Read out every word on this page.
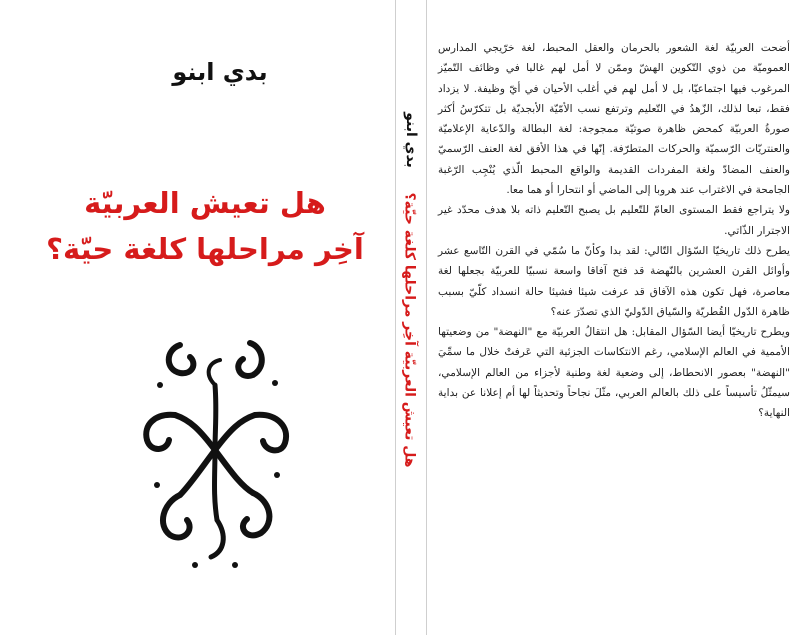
بدي ابنو
هل تعيش العربيّة
آخِر مراحلها كلغة حيّة؟
بدي ابنو
هل تعيش العربيّة آخِر مراحلها كلغة حيّة؟

أضحت العربيّة لغة الشعور بالحرمان والعقل المحبط، لغة خرّيجي المدارس العموميّة من ذوي التّكوين الهشّ وممّن لا أمل لهم غالبا في وظائف التّميّز المرغوب فيها اجتماعيّا، بل لا أمل لهم في أغلب الأحيان في أيّ وظيفة. لا يزداد فقط، تبعا لذلك، الزّهدُ في التّعليم وترتفع نسب الأمّيّة الأبجديّة بل تتكرّسُ أكثر صورةُ العربيّة كمحض ظاهرة صوتيّة ممجوجة: لغة البطالة والدّعاية الإعلاميّة والعنتريّات الرّسميّة والحركات المتطرّفة. إنّها في هذا الأفق لغة العنف الرّسميّ والعنف المضادّ ولغة المفردات القديمة والواقع المحبط الّذي يُنْجِب الرّغبة الجامحة في الاغتراب عند هروبا إلى الماضي أو انتحارا أو هما معا.

ولا يتراجع فقط المستوى العامّ للتّعليم بل يصبح التّعليم ذاته بلا هدف محدّد غير الاجترار الذّاتي.

يطرح ذلك تاريخيّا السّؤال التّالي: لقد بدا وكأنّ ما سُمّي في القرن التّاسع عشر وأوائل القرن العشرين بالنّهضة قد فتح آفاقا واسعة نسبيّا للعربيّة بجعلها لغة معاصرة، فهل تكون هذه الآفاق قد عرفت شيئا فشيئا حالة انسداد كلّيّ بسبب ظاهرة الدّول القُطريّة والسّياق الدّوليّ الذي تصدّرَ عنه؟

ويطرح تاريخيّا أيضا السّؤال المقابل: هل انتقالُ العربيّة مع "النهضة" من وضعيتها الأممية في العالم الإسلامي، رغم الانتكاسات الجزئية التي عَرفتْ خلال ما سمِّيَ "النهضة" بعصور الانحطاط، إلى وضعية لغة وطنية لأجزاء من العالم الإسلامي، سيمثّلُ تأسيساً على ذلك بالعالم العربي، مثّلَ نجاحاً وتحديثاً لها أم إعلانا عن بداية النهاية؟
